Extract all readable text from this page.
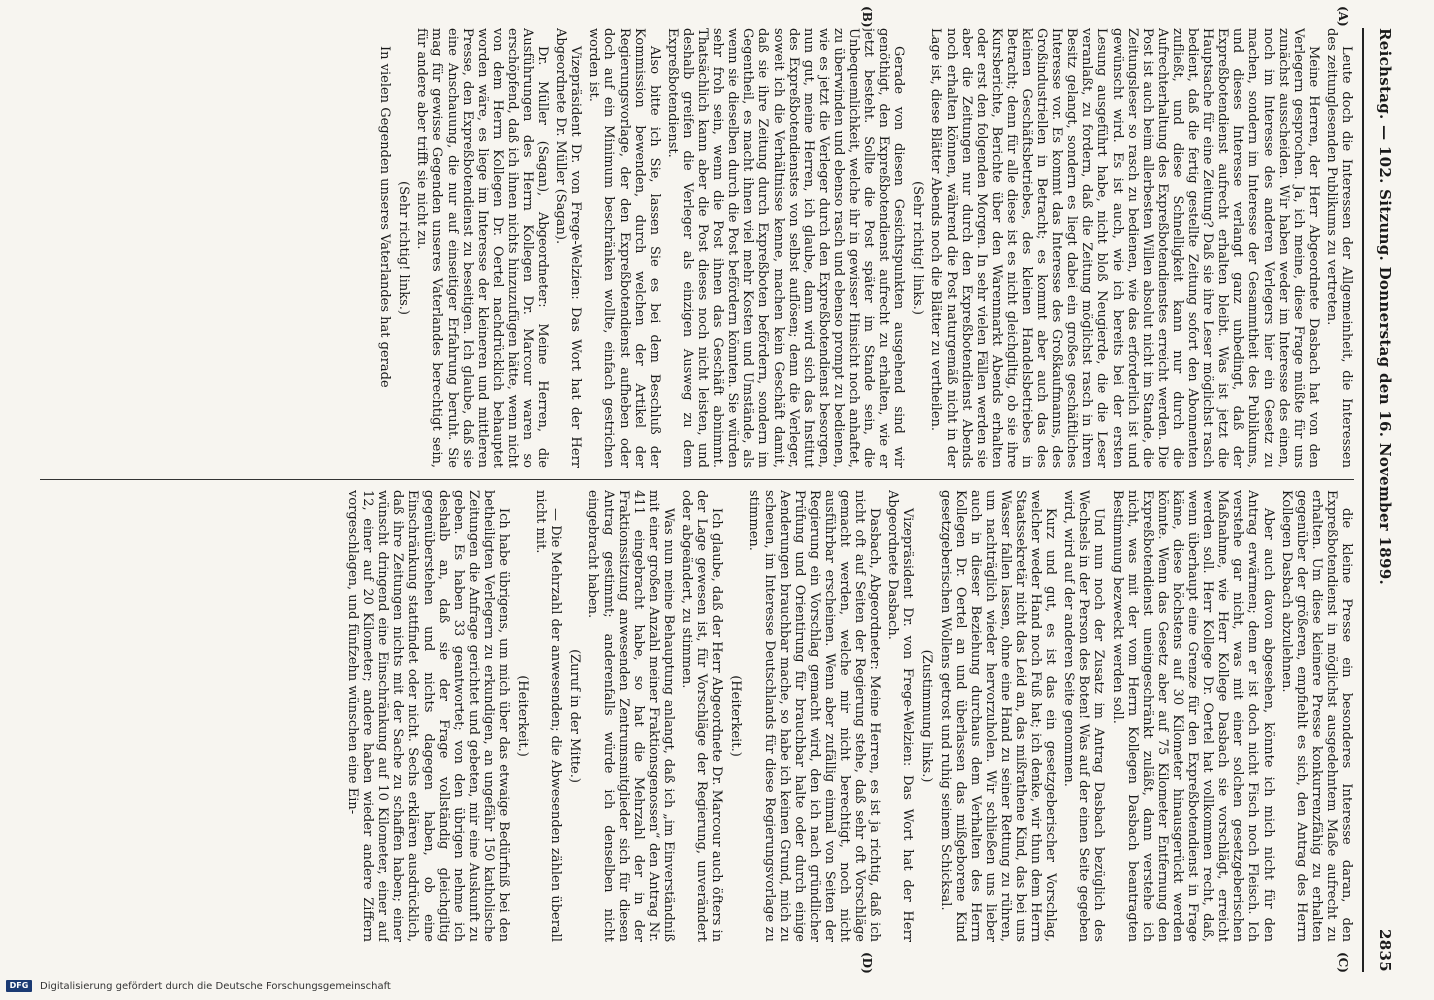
Reichstag. — 102. Sitzung. Donnerstag den 16. November 1899.
2835
(A)
(B)
(C)
(D)

Leute doch die Interessen der Allgemeinheit, die Interessen des zeitunglesenden Publikums zu vertreten.

Meine Herren, der Herr Abgeordnete Dasbach hat von den Verlegern gesprochen. Ja, ich meine, diese Frage müßte für uns zunächst ausscheiden. Wir haben weder im Interesse des einen, noch im Interesse des anderen Verlegers hier ein Gesetz zu machen, sondern im Interesse der Gesammtheit des Publikums, und dieses Interesse verlangt ganz unbedingt, daß der Expreßbotendienst aufrecht erhalten bleibt. Was ist jetzt die Hauptsache für eine Zeitung? Daß sie ihre Leser möglichst rasch bedient, daß die fertig gestellte Zeitung sofort den Abonnenten zufließt, und diese Schnelligkeit kann nur durch die Aufrechterhaltung des Expreßbotendienstes erreicht werden. Die Post ist auch beim allerbesten Willen absolut nicht im Stande, die Zeitungsleser so rasch zu bedienen, wie das erforderlich ist und gewünscht wird. Es ist auch, wie ich bereits bei der ersten Lesung ausgeführt habe, nicht bloß Neugierde, die die Leser veranlaßt, zu fordern, daß die Zeitung möglichst rasch in ihren Besitz gelangt, sondern es liegt dabei ein großes geschäftliches Interesse vor. Es kommt das Interesse des Großkaufmanns, des Großindustriellen in Betracht; es kommt aber auch das des kleinen Geschäftsbetriebes, des kleinen Handelsbetriebes in Betracht; denn für alle diese ist es nicht gleichgiltig, ob sie ihre Kursberichte, Berichte über den Warenmarkt Abends erhalten oder erst den folgenden Morgen. In sehr vielen Fällen werden sie aber die Zeitungen nur durch den Expreßbotendienst Abends noch erhalten können, während die Post naturgemäß nicht in der Lage ist, diese Blätter Abends noch die Blätter zu vertheilen.

(Sehr richtig! links.)

Gerade von diesen Gesichtspunkten ausgehend sind wir genöthigt, den Expreßbotendienst aufrecht zu erhalten, wie er jetzt besteht. Sollte die Post später im Stande sein, die Unbequemlichkeit, welche ihr in gewisser Hinsicht noch anhaftet, zu überwinden und ebenso rasch und ebenso prompt zu bedienen, wie es jetzt die Verleger durch den Expreßbotendienst besorgen, nun gut, meine Herren, ich glaube, dann wird sich das Institut des Expreßbotendienstes von selbst auflösen; denn die Verleger, soweit ich die Verhältnisse kenne, machen kein Geschäft damit, daß sie ihre Zeitung durch Expreßboten befördern, sondern im Gegentheil, es macht ihnen viel mehr Kosten und Umstände, als wenn sie dieselben durch die Post befördern könnten. Sie würden sehr froh sein, wenn die Post ihnen das Geschäft abnimmt. Thatsächlich kann aber die Post dieses noch nicht leisten, und deshalb greifen die Verleger als einzigen Ausweg zu dem Expreßbotendienst.

Also bitte ich Sie, lassen Sie es bei dem Beschluß der Kommission bewenden, durch welchen der Artikel der Regierungsvorlage, der den Expreßbotendienst aufheben oder doch auf ein Minimum beschränken wollte, einfach gestrichen worden ist.

Vizepräsident Dr. von Frege-Welzien: Das Wort hat der Herr Abgeordnete Dr. Müller (Sagan).

Dr. Müller (Sagan), Abgeordneter: Meine Herren, die Ausführungen des Herrn Kollegen Dr. Marcour waren so erschöpfend, daß ich ihnen nichts hinzuzufügen hätte, wenn nicht von dem Herrn Kollegen Dr. Oertel nachdrücklich behauptet worden wäre, es liege im Interesse der kleineren und mittleren Presse, den Expreßbotendienst zu beseitigen. Ich glaube, daß sie eine Anschauung, die nur auf einseitiger Erfahrung beruht. Sie mag für gewisse Gegenden unseres Vaterlandes berechtigt sein, für andere aber trifft sie nicht zu.

(Sehr richtig! links.)

In vielen Gegenden unseres Vaterlandes hat gerade

die kleine Presse ein besonderes Interesse daran, den Expreßbotendienst in möglichst ausgedehntem Maße aufrecht zu erhalten. Um diese kleinere Presse konkurrenzfähig zu erhalten gegenüber der größeren, empfiehlt es sich, den Antrag des Herrn Kollegen Dasbach abzulehnen.

Aber auch davon abgesehen, könnte ich mich nicht für den Antrag erwärmen; denn er ist doch nicht Fisch noch Fleisch. Ich verstehe gar nicht, was mit einer solchen gesetzgeberischen Maßnahme, wie Herr Kollege Dasbach sie vorschlägt, erreicht werden soll. Herr Kollege Dr. Oertel hat vollkommen recht, daß, wenn überhaupt eine Grenze für den Expreßbotendienst in Frage käme, diese höchstens auf 30 Kilometer hinausgerückt werden könnte. Wenn das Gesetz aber auf 75 Kilometer Entfernung den Expreßbotendienst uneingeschränkt zuläßt, dann verstehe ich nicht, was mit der vom Herrn Kollegen Dasbach beantragten Bestimmung bezweckt werden soll.

Und nun noch der Zusatz im Antrag Dasbach bezüglich des Wechsels in der Person des Boten! Was auf der einen Seite gegeben wird, wird auf der anderen Seite genommen.

Kurz und gut, es ist das ein gesetzgeberischer Vorschlag, welcher weder Hand noch Fuß hat; ich denke, wir thun dem Herrn Staatssekretär nicht das Leid an, das mißrathene Kind, das bei uns Wasser fallen lassen, ohne eine Hand zu seiner Rettung zu rühren, um nachträglich wieder hervorzuholen. Wir schließen uns lieber auch in dieser Beziehung durchaus dem Verhalten des Herrn Kollegen Dr. Oertel an und überlassen das mißgeborene Kind gesetzgeberischen Wollens getrost und ruhig seinem Schicksal.

(Zustimmung links.)

Vizepräsident Dr. von Frege-Welzien: Das Wort hat der Herr Abgeordnete Dasbach.

Dasbach, Abgeordneter: Meine Herren, es ist ja richtig, daß ich nicht oft auf Seiten der Regierung stehe, daß sehr oft Vorschläge gemacht werden, welche mir nicht berechtigt, noch nicht ausführbar erscheinen. Wenn aber zufällig einmal von Seiten der Regierung ein Vorschlag gemacht wird, den ich nach gründlicher Prüfung und Orientirung für brauchbar halte oder durch einige Aenderungen brauchbar mache, so habe ich keinen Grund, mich zu scheuen, im Interesse Deutschlands für diese Regierungsvorlage zu stimmen.

(Heiterkeit.)

Ich glaube, daß der Herr Abgeordnete Dr. Marcour auch öfters in der Lage gewesen ist, für Vorschläge der Regierung, unverändert oder abgeändert, zu stimmen.

Was nun meine Behauptung anlangt, daß ich „im Einverständniß mit einer großen Anzahl meiner Fraktionsgenossen“ den Antrag Nr. 411 eingebracht habe, so hat die Mehrzahl der in der Fraktionssitzung anwesenden Zentrumsmitglieder sich für diesen Antrag gestimmt; anderenfalls würde ich denselben nicht eingebracht haben.

(Zuruf in der Mitte.)

— Die Mehrzahl der anwesenden; die Abwesenden zählen überall nicht mit.

(Heiterkeit.)

Ich habe übrigens, um mich über das etwaige Bedürfniß bei den betheiligten Verlegern zu erkundigen, an ungefähr 150 katholische Zeitungen die Anfrage gerichtet und gebeten, mir eine Auskunft zu geben. Es haben 33 geantwortet; von den übrigen nehme ich deshalb an, daß sie der Frage vollständig gleichgiltig gegenüberstehen und nichts dagegen haben, ob eine Einschränkung stattfindet oder nicht. Sechs erklären ausdrücklich, daß ihre Zeitungen nichts mit der Sache zu schaffen haben; einer wünscht dringend eine Einschränkung auf 10 Kilometer, einer auf 12, einer auf 20 Kilometer; andere haben wieder andere Ziffern vorgeschlagen, und fünfzehn wünschen eine Ein-

DFG	Digitalisierung gefördert durch die Deutsche Forschungsgemeinschaft
